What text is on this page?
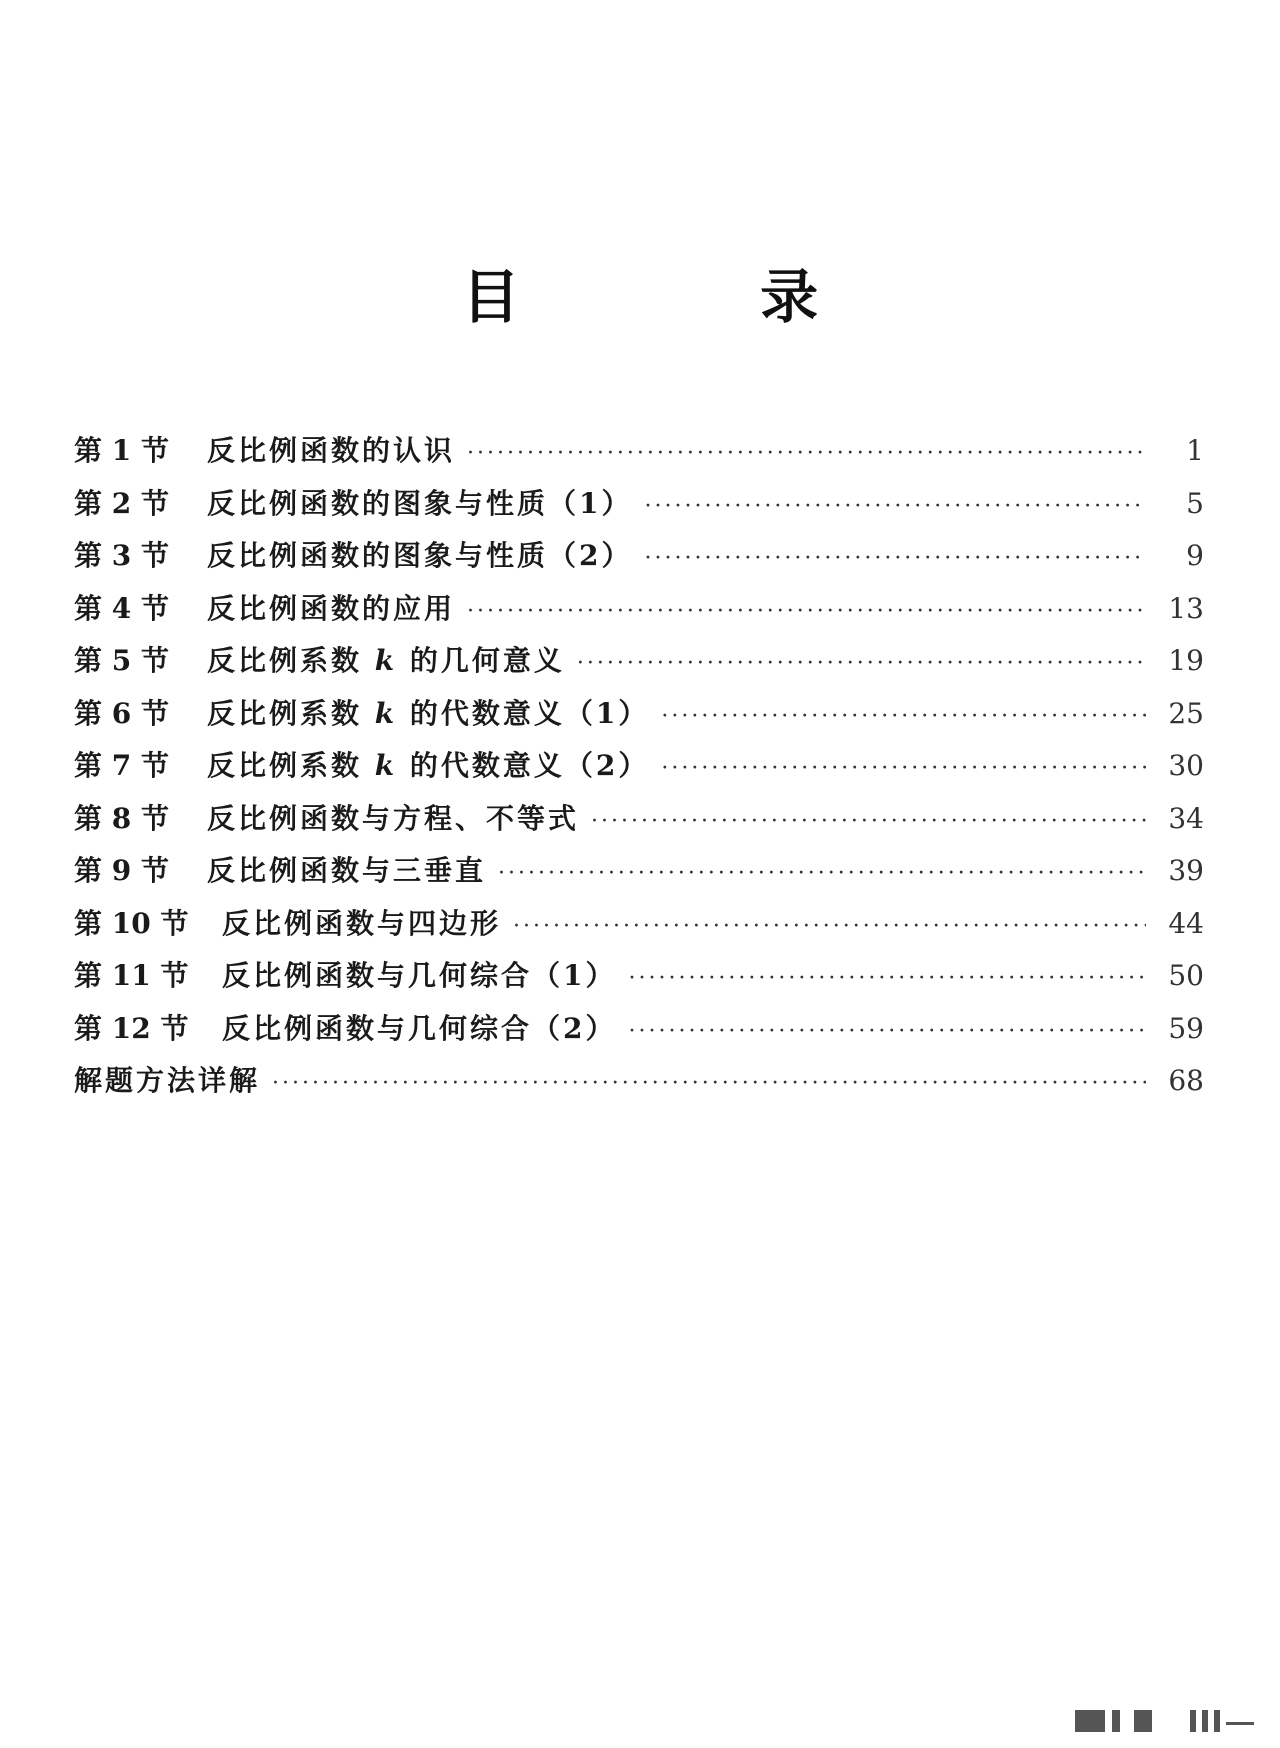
目 录
第 1 节	反比例函数的认识 ·····	1
第 2 节	反比例函数的图象与性质（1） ·····	5
第 3 节	反比例函数的图象与性质（2） ·····	9
第 4 节	反比例函数的应用 ·····	13
第 5 节	反比例系数 k 的几何意义 ·····	19
第 6 节	反比例系数 k 的代数意义（1） ·····	25
第 7 节	反比例系数 k 的代数意义（2） ·····	30
第 8 节	反比例函数与方程、不等式 ·····	34
第 9 节	反比例函数与三垂直 ·····	39
第 10 节	反比例函数与四边形 ·····	44
第 11 节	反比例函数与几何综合（1） ·····	50
第 12 节	反比例函数与几何综合（2） ·····	59
解题方法详解 ·····	68
